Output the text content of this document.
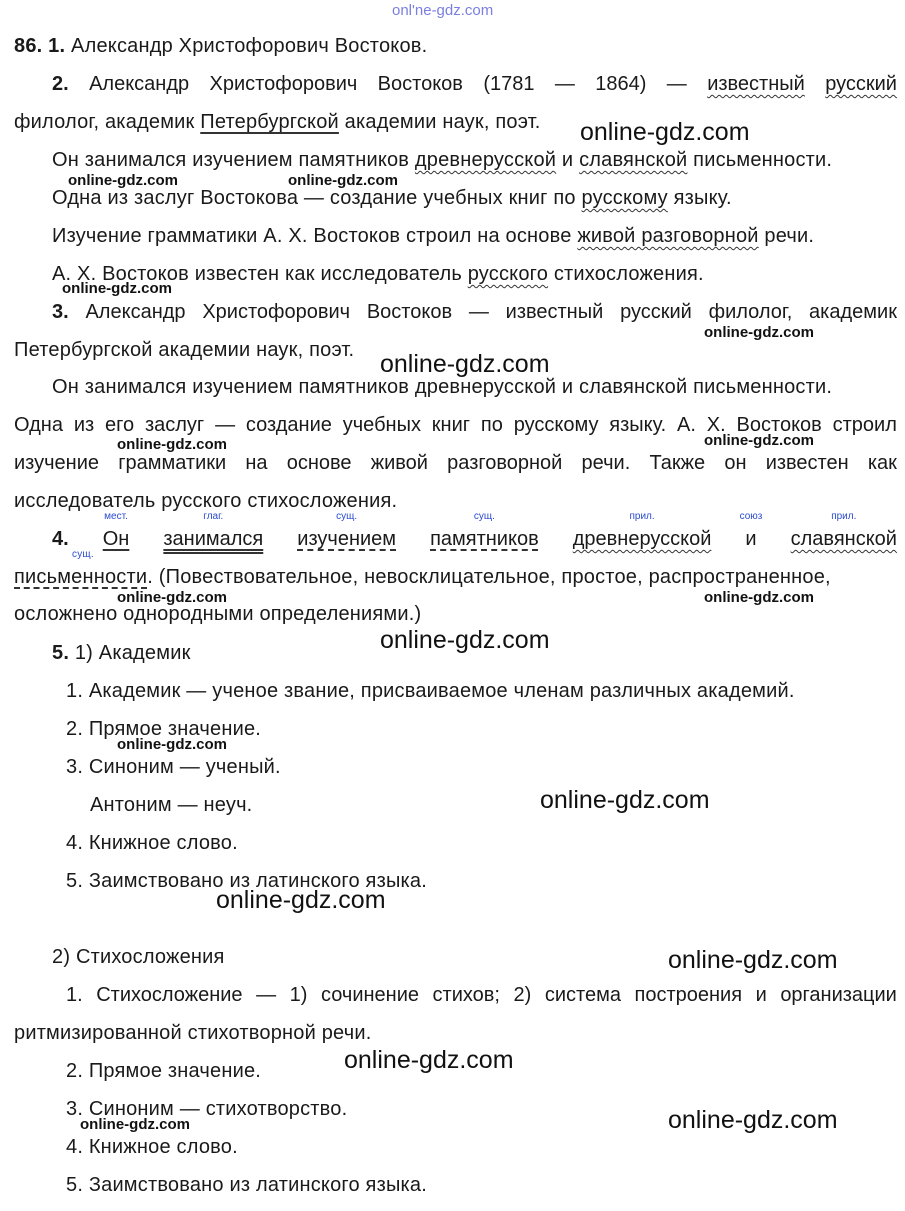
onl'ne-gdz.com
86. 1. Александр Христофорович Востоков.
2. Александр Христофорович Востоков (1781 — 1864) — известный русский
филолог, академик Петербургской академии наук, поэт.
Он занимался изучением памятников древнерусской и славянской письменности.
Одна из заслуг Востокова — создание учебных книг по русскому языку.
Изучение грамматики А. Х. Востоков строил на основе живой разговорной речи.
А. Х. Востоков известен как исследователь русского стихосложения.
3. Александр Христофорович Востоков — известный русский филолог, академик
Петербургской академии наук, поэт.
Он занимался изучением памятников древнерусской и славянской письменности.
Одна из его заслуг — создание учебных книг по русскому языку. А. Х. Востоков строил
изучение грамматики на основе живой разговорной речи. Также он известен как
исследователь русского стихосложения.
4.
мест.
Он
глаг.
занимался
сущ.
изучением
сущ.
памятников
прил.
древнерусской
союз
и
прил.
славянской
сущ.
письменности. (Повествовательное, невосклицательное, простое, распространенное,
осложнено однородными определениями.)
5. 1) Академик
1. Академик — ученое звание, присваиваемое членам различных академий.
2. Прямое значение.
3. Синоним — ученый.
Антоним — неуч.
4. Книжное слово.
5. Заимствовано из латинского языка.
2) Стихосложения
1. Стихосложение — 1) сочинение стихов; 2) система построения и организации
ритмизированной стихотворной речи.
2. Прямое значение.
3. Синоним — стихотворство.
4. Книжное слово.
5. Заимствовано из латинского языка.
online-gdz.com	online-gdz.com
online-gdz.com
online-gdz.com
online-gdz.com	online-gdz.com
online-gdz.com	online-gdz.com
online-gdz.com
online-gdz.com
online-gdz.com
online-gdz.com
online-gdz.com
online-gdz.com
online-gdz.com
online-gdz.com
online-gdz.com
online-gdz.com
